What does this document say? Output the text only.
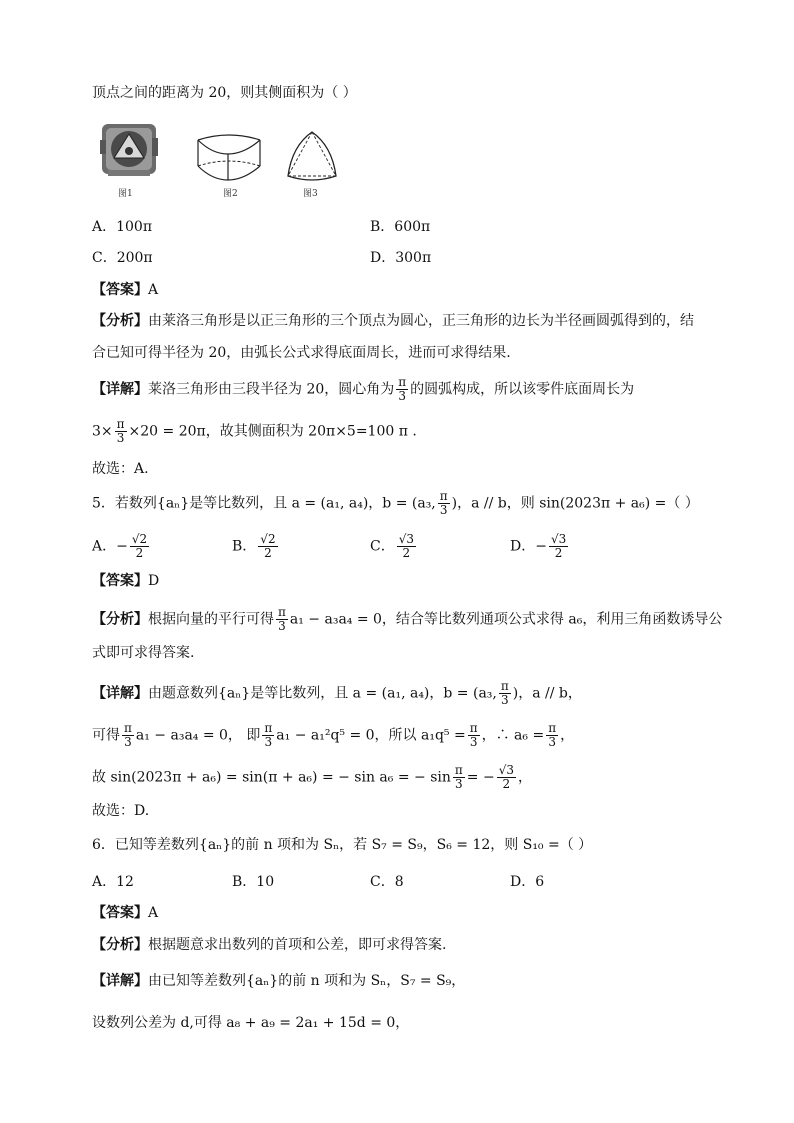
顶点之间的距离为 20，则其侧面积为（ ）
图1	图2	图3
A．100π	B．600π
C．200π	D．300π
【答案】A
【分析】由莱洛三角形是以正三角形的三个顶点为圆心，正三角形的边长为半径画圆弧得到的，结
合已知可得半径为 20，由弧长公式求得底面周长，进而可求得结果.
【详解】莱洛三角形由三段半径为 20，圆心角为 $\frac{\pi}{3}$ 的圆弧构成，所以该零件底面周长为
$3\times \frac{\pi}{3} \times 20 = 20\pi$，故其侧面积为 20π×5=100 π .
故选：A.
5．若数列{aₙ}是等比数列，且 a = (a₁, a₄)，b = (a₃, $\frac{\pi}{3}$ )，a // b，则 sin(2023π + a₆) =（ ）
A．− $\frac{√2}{2}$	B． $\frac{√2}{2}$	C． $\frac{√3}{2}$	D．− $\frac{√3}{2}$
【答案】D
【分析】根据向量的平行可得 $\frac{\pi}{3} a_1 - a_3a_4 = 0$，结合等比数列通项公式求得 a₆，利用三角函数诱导公
式即可求得答案.
【详解】由题意数列{aₙ}是等比数列，且 a = (a₁, a₄)，b = (a₃, $\frac{\pi}{3}$ )，a // b，
可得 $\frac{\pi}{3} a_1 - a_3a_4 = 0$， 即 $\frac{\pi}{3} a_1 - a_1^2q^5 = 0$，所以 $a_1q^5 = \frac{\pi}{3}$ ，∴ $a_6 = \frac{\pi}{3}$ ，
故 sin(2023π + a₆) = sin(π + a₆) = − sin a₆ = − $\sin \frac{\pi}{3}$ = − $\frac{√3}{2}$ ，
故选：D.
6．已知等差数列{aₙ}的前 n 项和为 Sₙ，若 S₇ = S₉，S₆ = 12，则 S₁₀ =（ ）
A．12	B．10	C．8	D．6
【答案】A
【分析】根据题意求出数列的首项和公差，即可求得答案.
【详解】由已知等差数列{aₙ}的前 n 项和为 Sₙ，S₇ = S₉，
设数列公差为 d,可得 a₈ + a₉ = 2a₁ + 15d = 0，
